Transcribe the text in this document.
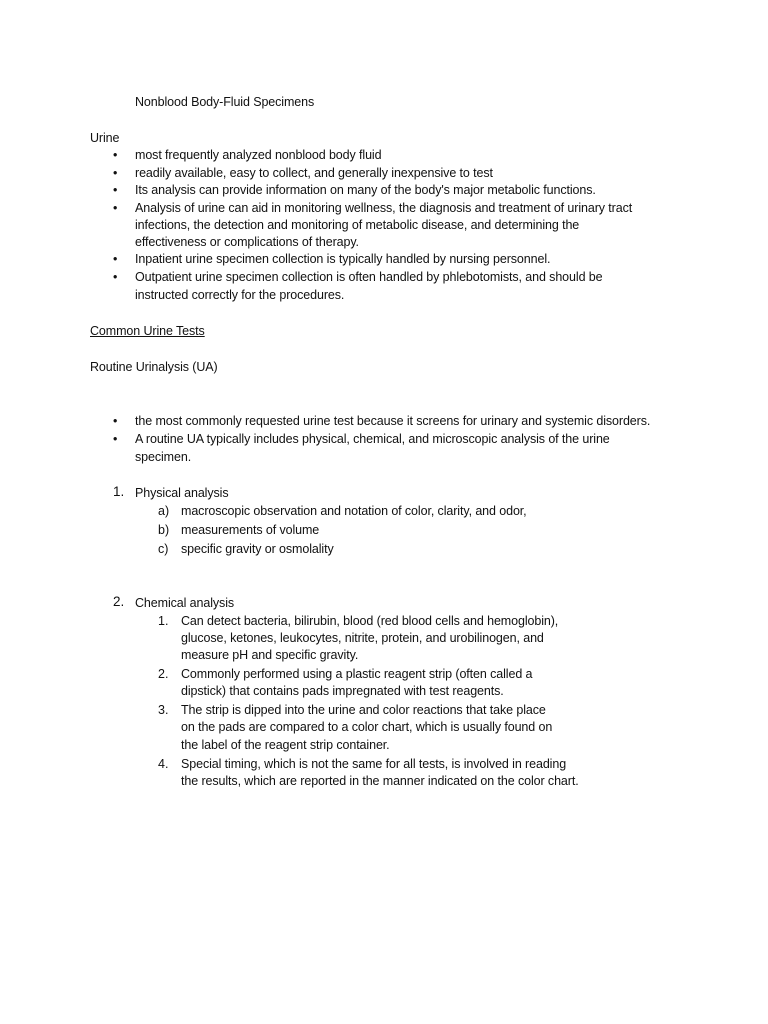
Nonblood Body-Fluid Specimens
Urine
• most frequently analyzed nonblood body fluid
• readily available, easy to collect, and generally inexpensive to test
• Its analysis can provide information on many of the body's major metabolic functions.
• Analysis of urine can aid in monitoring wellness, the diagnosis and treatment of urinary tract
infections, the detection and monitoring of metabolic disease, and determining the
effectiveness or complications of therapy.
• Inpatient urine specimen collection is typically handled by nursing personnel.
• Outpatient urine specimen collection is often handled by phlebotomists, and should be
instructed correctly for the procedures.
Common Urine Tests
Routine Urinalysis (UA)
• the most commonly requested urine test because it screens for urinary and systemic disorders.
• A routine UA typically includes physical, chemical, and microscopic analysis of the urine
specimen.
1. Physical analysis
a) macroscopic observation and notation of color, clarity, and odor,
b) measurements of volume
c) specific gravity or osmolality
2. Chemical analysis
1. Can detect bacteria, bilirubin, blood (red blood cells and hemoglobin),
glucose, ketones, leukocytes, nitrite, protein, and urobilinogen, and
measure pH and specific gravity.
2. Commonly performed using a plastic reagent strip (often called a
dipstick) that contains pads impregnated with test reagents.
3. The strip is dipped into the urine and color reactions that take place
on the pads are compared to a color chart, which is usually found on
the label of the reagent strip container.
4. Special timing, which is not the same for all tests, is involved in reading
the results, which are reported in the manner indicated on the color chart.
